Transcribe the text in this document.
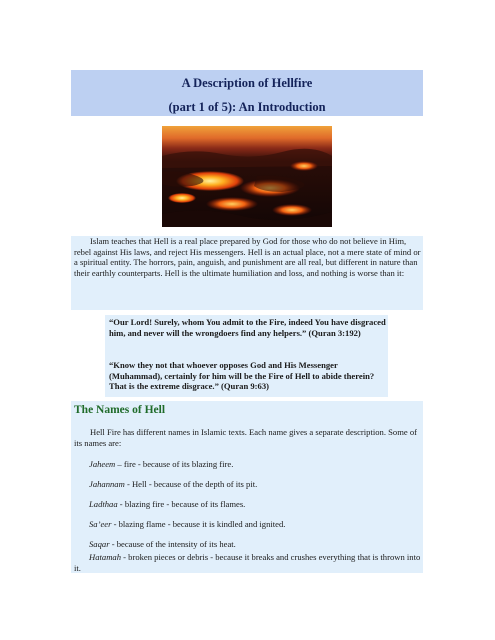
A Description of Hellfire
(part 1 of 5): An Introduction

Islam teaches that Hell is a real place prepared by God for those who do not believe in Him, rebel against His laws, and reject His messengers. Hell is an actual place, not a mere state of mind or a spiritual entity. The horrors, pain, anguish, and punishment are all real, but different in nature than their earthly counterparts. Hell is the ultimate humiliation and loss, and nothing is worse than it:

“Our Lord! Surely, whom You admit to the Fire, indeed You have disgraced him, and never will the wrongdoers find any helpers.” (Quran 3:192)

“Know they not that whoever opposes God and His Messenger (Muhammad), certainly for him will be the Fire of Hell to abide therein? That is the extreme disgrace.” (Quran 9:63)

The Names of Hell

Hell Fire has different names in Islamic texts. Each name gives a separate description. Some of its names are:

Jaheem – fire - because of its blazing fire.

Jahannam - Hell - because of the depth of its pit.

Ladthaa - blazing fire - because of its flames.

Sa’eer - blazing flame - because it is kindled and ignited.

Saqar - because of the intensity of its heat.

Hatamah - broken pieces or debris - because it breaks and crushes everything that is thrown into it.
